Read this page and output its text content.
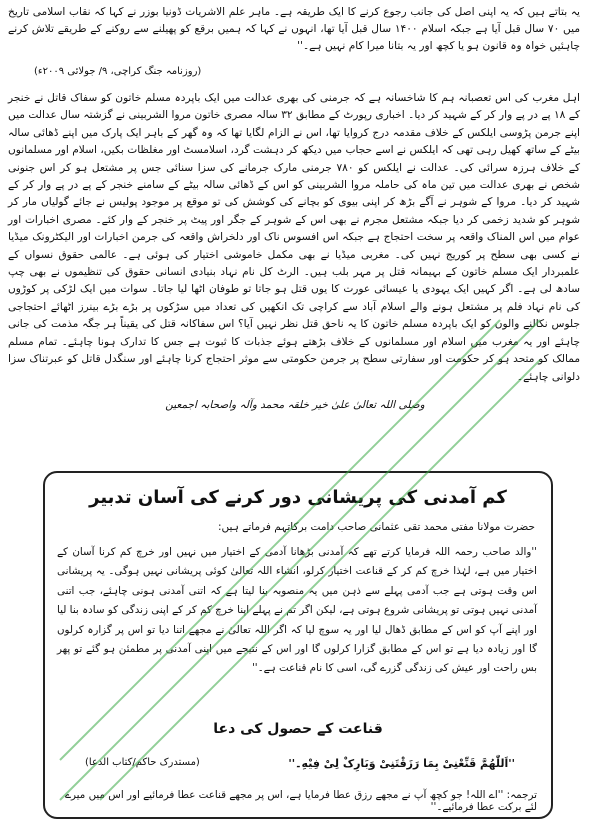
یہ بتاتے ہیں کہ یہ اپنی اصل کی جانب رجوع کرنے کا ایک طریقہ ہے۔ ماہر علم الاشریات ڈونیا بوزر نے کہا کہ نقاب اسلامی تاریخ میں ۷۰ سال قبل آیا ہے جبکہ اسلام ۱۴۰۰ سال قبل آیا تھا، انہوں نے کہا کہ ہمیں برقع کو پھیلنے سے روکنے کے طریقے تلاش کرنے چاہئیں خواہ وہ قانون ہو یا کچھ اور یہ بتانا میرا کام نہیں ہے۔''
(روزنامہ جنگ کراچی، ۹/ جولائی ۲۰۰۹ء)
اہل مغرب کی اس تعصبانہ ہم کا شاخسانہ ہے کہ جرمنی کی بھری عدالت میں ایک باپردہ مسلم خاتون کو سفاک قاتل نے خنجر کے ۱۸ پے در پے وار کر کے شہید کر دیا۔ اخباری رپورٹ کے مطابق ۳۲ سالہ مصری خاتون مروا الشربینی نے گزشتہ سال عدالت میں اپنے جرمن پڑوسی ایلکس کے خلاف مقدمہ درج کروایا تھا، اس نے الزام لگایا تھا کہ وہ گھر کے باہر ایک پارک میں اپنے ڈھائی سالہ بیٹے کے ساتھ کھیل رہی تھی کہ ایلکس نے اسے حجاب میں دیکھ کر دہشت گرد، اسلامسٹ اور مغلظات بکیں، اسلام اور مسلمانوں کے خلاف ہرزہ سرائی کی۔ عدالت نے ایلکس کو ۷۸۰ جرمنی مارک جرمانے کی سزا سنائی جس پر مشتعل ہو کر اس جنونی شخص نے بھری عدالت میں تین ماہ کی حاملہ مروا الشربینی کو اس کے ڈھائی سالہ بیٹے کے سامنے خنجر کے پے در پے وار کر کے شہید کر دیا۔ مروا کے شوہر نے آگے بڑھ کر اپنی بیوی کو بچانے کی کوشش کی تو موقع پر موجود پولیس نے جائے گولیاں مار کر شوہر کو شدید زخمی کر دیا جبکہ مشتعل مجرم نے بھی اس کے شوہر کے جگر اور پیٹ پر خنجر کے وار کئے۔ مصری اخبارات اور عوام میں اس المناک واقعہ پر سخت احتجاج ہے جبکہ اس افسوس ناک اور دلخراش واقعہ کی جرمن اخبارات اور الیکٹرونک میڈیا نے کسی بھی سطح پر کوریج نہیں کی۔ مغربی میڈیا نے بھی مکمل خاموشی اختیار کی ہوئی ہے۔ عالمی حقوق نسواں کے علمبردار ایک مسلم خاتون کے بہیمانہ قتل پر مہر بلب ہیں۔ الرٹ کل نام نہاد بنیادی انسانی حقوق کی تنظیموں نے بھی چپ سادھ لی ہے۔ اگر کہیں ایک یہودی یا عیسائی عورت کا یوں قتل ہو جاتا تو طوفان اٹھا لیا جاتا۔ سوات میں ایک لڑکی پر کوڑوں کی نام نہاد فلم پر مشتعل ہونے والے اسلام آباد سے کراچی تک انکھیں کی تعداد میں سڑکوں پر بڑے بڑے بینرز اٹھائے احتجاجی جلوس نکالنے والوں کو ایک باپردہ مسلم خاتون کا یہ ناحق قتل نظر نہیں آیا؟ اس سفاکانہ قتل کی یقیناً ہر جگہ مذمت کی جانی چاہئے اور یہ مغرب میں اسلام اور مسلمانوں کے خلاف بڑھتے ہوئے جذبات کا ثبوت ہے جس کا تدارک ہونا چاہئے۔ تمام مسلم ممالک کو متحد ہو کر حکومت اور سفارتی سطح پر جرمن حکومتی سے موثر احتجاج کرنا چاہئے اور سنگدل قاتل کو عبرتناک سزا دلوانی چاہئے۔
وصلی اللہ تعالیٰ علیٰ خیر خلقہ محمد وآلہ واصحابہ اجمعین
کم آمدنی کی پریشانی دور کرنے کی آسان تدبیر
حضرت مولانا مفتی محمد تقی عثمانی صاحب دامت برکاتہم فرماتے ہیں:
''والد صاحب رحمہ اللہ فرمایا کرتے تھے کہ آمدنی بڑھانا آدمی کے اختیار میں نہیں اور خرچ کم کرنا آسان کے اختیار میں ہے، لہٰذا خرچ کم کر کے قناعت اختیار کرلو، انشاء اللہ تعالیٰ کوئی پریشانی نہیں ہوگی۔ یہ پریشانی اس وقت ہوتی ہے جب آدمی پہلے سے ذہن میں یہ منصوبہ بنا لیتا ہے کہ اتنی آمدنی ہونی چاہئے، جب اتنی آمدنی نہیں ہوتی تو پریشانی شروع ہوتی ہے، لیکن اگر تم نے پہلے اپنا خرچ کم کر کے اپنی زندگی کو سادہ بنا لیا اور اپنے آپ کو اس کے مطابق ڈھال لیا اور یہ سوچ لیا کہ اگر اللہ تعالیٰ نے مجھے اتنا دیا تو اس پر گزارہ کرلوں گا اور زیادہ دیا ہے تو اس کے مطابق گزارا کرلوں گا اور اس کے نتیجے میں اپنی آمدنی پر مطمئن ہو گئے تو پھر بس راحت اور عیش کی زندگی گزرے گی، اسی کا نام قناعت ہے۔''
قناعت کے حصول کی دعا
''اَللّٰهُمَّ قَنِّعْنِیْ بِمَا رَزَقْتَنِیْ وَبَارِکْ لِیْ فِیْهِ۔''
(مستدرک حاکم/کتاب الدعا)
ترجمہ: ''اے اللہ! جو کچھ آپ نے مجھے رزق عطا فرمایا ہے، اس پر مجھے قناعت عطا فرمائیے اور اس میں میرے لئے برکت عطا فرمائیے۔''
